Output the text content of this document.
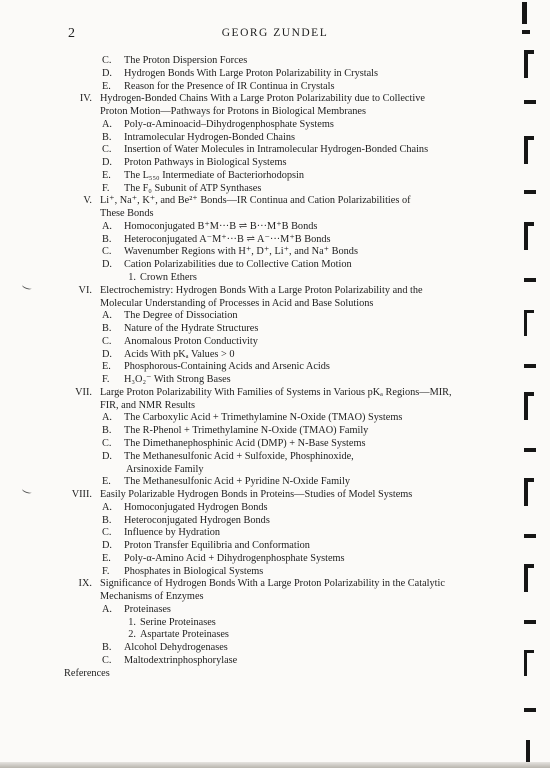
2	GEORG ZUNDEL
C. The Proton Dispersion Forces
D. Hydrogen Bonds With Large Proton Polarizability in Crystals
E. Reason for the Presence of IR Continua in Crystals
IV. Hydrogen-Bonded Chains With a Large Proton Polarizability due to Collective
Proton Motion—Pathways for Protons in Biological Membranes
A. Poly-α-Aminoacid–Dihydrogenphosphate Systems
B. Intramolecular Hydrogen-Bonded Chains
C. Insertion of Water Molecules in Intramolecular Hydrogen-Bonded Chains
D. Proton Pathways in Biological Systems
E. The L₅₅₀ Intermediate of Bacteriorhodopsin
F. The F₀ Subunit of ATP Synthases
V. Li⁺, Na⁺, K⁺, and Be²⁺ Bonds—IR Continua and Cation Polarizabilities of
These Bonds
A. Homoconjugated B⁺M···B ⇌ B···M⁺B Bonds
B. Heteroconjugated A⁻M⁺···B ⇌ A⁻···M⁺B Bonds
C. Wavenumber Regions with H⁺, D⁺, Li⁺, and Na⁺ Bonds
D. Cation Polarizabilities due to Collective Cation Motion
1. Crown Ethers
VI. Electrochemistry: Hydrogen Bonds With a Large Proton Polarizability and the
Molecular Understanding of Processes in Acid and Base Solutions
A. The Degree of Dissociation
B. Nature of the Hydrate Structures
C. Anomalous Proton Conductivity
D. Acids With pKₐ Values > 0
E. Phosphorous-Containing Acids and Arsenic Acids
F. H₃O₂⁻ With Strong Bases
VII. Large Proton Polarizability With Families of Systems in Various pKₐ Regions—MIR,
FIR, and NMR Results
A. The Carboxylic Acid + Trimethylamine N-Oxide (TMAO) Systems
B. The R-Phenol + Trimethylamine N-Oxide (TMAO) Family
C. The Dimethanephosphinic Acid (DMP) + N-Base Systems
D. The Methanesulfonic Acid + Sulfoxide, Phosphinoxide,
Arsinoxide Family
E. The Methanesulfonic Acid + Pyridine N-Oxide Family
VIII. Easily Polarizable Hydrogen Bonds in Proteins—Studies of Model Systems
A. Homoconjugated Hydrogen Bonds
B. Heteroconjugated Hydrogen Bonds
C. Influence by Hydration
D. Proton Transfer Equilibria and Conformation
E. Poly-α-Amino Acid + Dihydrogenphosphate Systems
F. Phosphates in Biological Systems
IX. Significance of Hydrogen Bonds With a Large Proton Polarizability in the Catalytic
Mechanisms of Enzymes
A. Proteinases
1. Serine Proteinases
2. Aspartate Proteinases
B. Alcohol Dehydrogenases
C. Maltodextrinphosphorylase
References
